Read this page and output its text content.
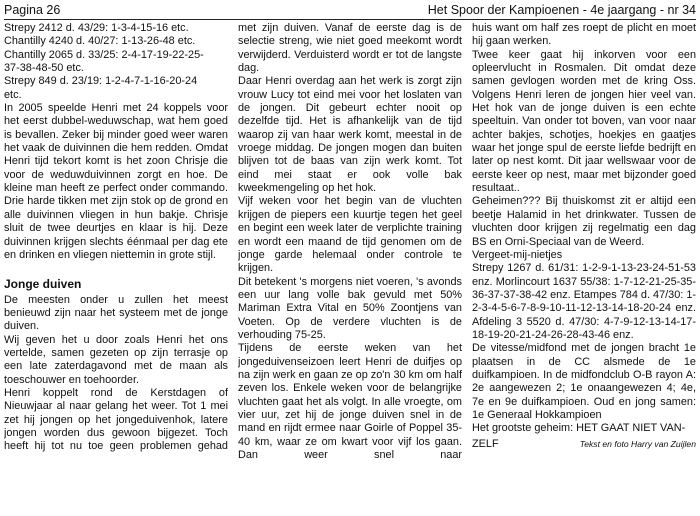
Pagina 26	Het Spoor der Kampioenen - 4e jaargang - nr 34

Strepy 2412 d. 43/29: 1-3-4-15-16 etc.

Chantilly 4240 d. 40/27: 1-13-26-48 etc.

Chantilly 2065 d. 33/25: 2-4-17-19-22-25-

37-38-48-50 etc.

Strepy 849 d. 23/19: 1-2-4-7-1-16-20-24

etc.

In 2005 speelde Henri met 24 koppels voor het eerst dubbel-weduwschap, wat hem goed is bevallen. Zeker bij minder goed weer waren het vaak de duivinnen die hem redden. Omdat Henri tijd tekort komt is het zoon Chrisje die voor de weduwduivinnen zorgt en hoe. De kleine man heeft ze perfect onder commando. Drie harde tikken met zijn stok op de grond en alle duivinnen vliegen in hun bakje. Chrisje sluit de twee deurtjes en klaar is hij. Deze duivinnen krijgen slechts éénmaal per dag ete en drinken en vliegen niettemin in grote stijl.

Jonge duiven

De meesten onder u zullen het meest benieuwd zijn naar het systeem met de jonge duiven.

Wij geven het u door zoals Henri het ons vertelde, samen gezeten op zijn terrasje op een late zaterdagavond met de maan als toeschouwer en toehoorder.

Henri koppelt rond de Kerstdagen of Nieuwjaar al naar gelang het weer. Tot 1 mei zet hij jongen op het jongeduivenhok, latere jongen worden dus gewoon bijgezet. Toch heeft hij tot nu toe geen problemen gehad

met zijn duiven. Vanaf de eerste dag is de selectie streng, wie niet goed meekomt wordt verwijderd. Verduisterd wordt er tot de langste dag.

Daar Henri overdag aan het werk is zorgt zijn vrouw Lucy tot eind mei voor het loslaten van de jongen. Dit gebeurt echter nooit op dezelfde tijd. Het is afhankelijk van de tijd waarop zij van haar werk komt, meestal in de vroege middag. De jongen mogen dan buiten blijven tot de baas van zijn werk komt. Tot eind mei staat er ook volle bak kweekmengeling op het hok.

Vijf weken voor het begin van de vluchten krijgen de piepers een kuurtje tegen het geel en begint een week later de verplichte training en wordt een maand de tijd genomen om de jonge garde helemaal onder controle te krijgen.

Dit betekent 's morgens niet voeren, 's avonds een uur lang volle bak gevuld met 50% Mariman Extra Vital en 50% Zoontjens van Voeten. Op de verdere vluchten is de verhouding 75-25.

Tijdens de eerste weken van het jongeduivenseizoen leert Henri de duifjes op na zijn werk en gaan ze op zo'n 30 km om half zeven los. Enkele weken voor de belangrijke vluchten gaat het als volgt. In alle vroegte, om vier uur, zet hij de jonge duiven snel in de mand en rijdt ermee naar Goirle of Poppel 35-40 km, waar ze om kwart voor vijf los gaan. Dan weer snel naar

huis want om half zes roept de plicht en moet hij gaan werken.

Twee keer gaat hij inkorven voor een opleervlucht in Rosmalen. Dit omdat deze samen gevlogen worden met de kring Oss. Volgens Henri leren de jongen hier veel van. Het hok van de jonge duiven is een echte speeltuin. Van onder tot boven, van voor naar achter bakjes, schotjes, hoekjes en gaatjes waar het jonge spul de eerste liefde bedrijft en later op nest komt. Dit jaar wellswaar voor de eerste keer op nest, maar met bijzonder goed resultaat..

Geheimen??? Bij thuiskomst zit er altijd een beetje Halamid in het drinkwater. Tussen de vluchten door krijgen zij regelmatig een dag BS en Orni-Speciaal van de Weerd.

Vergeet-mij-nietjes

Strepy 1267 d. 61/31: 1-2-9-1-13-23-24-51-53 enz. Morlincourt 1637 55/38: 1-7-12-21-25-35-36-37-37-38-42 enz. Etampes 784 d. 47/30: 1-2-3-4-5-6-7-8-9-10-11-12-13-14-18-20-24 enz. Afdeling 3 5520 d. 47/30: 4-7-9-12-13-14-17-18-19-20-21-24-26-28-43-46 enz.

De vitesse/midfond met de jongen bracht 1e plaatsen in de CC alsmede de 1e duifkampioen. In de midfondclub O-B rayon A: 2e aangewezen 2; 1e onaangewezen 4; 4e, 7e en 9e duifkampioen. Oud en jong samen: 1e Generaal Hokkampioen

Het grootste geheim: HET GAAT NIET VAN-

ZELF	Tekst en foto Harry van Zuijlen
